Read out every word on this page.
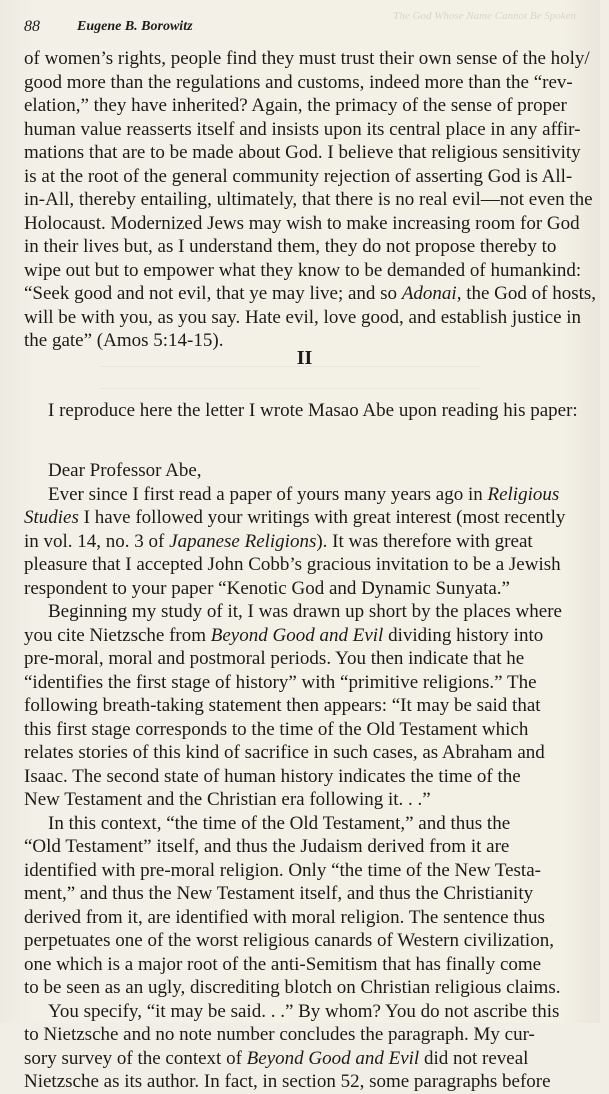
The God Whose Name Cannot Be Spoken
88	Eugene B. Borowitz
of women’s rights, people find they must trust their own sense of the holy/
good more than the regulations and customs, indeed more than the “rev-
elation,” they have inherited? Again, the primacy of the sense of proper
human value reasserts itself and insists upon its central place in any affir-
mations that are to be made about God. I believe that religious sensitivity
is at the root of the general community rejection of asserting God is All-
in-All, thereby entailing, ultimately, that there is no real evil—not even the
Holocaust. Modernized Jews may wish to make increasing room for God
in their lives but, as I understand them, they do not propose thereby to
wipe out but to empower what they know to be demanded of humankind:
“Seek good and not evil, that ye may live; and so Adonai, the God of hosts,
will be with you, as you say. Hate evil, love good, and establish justice in
the gate” (Amos 5:14-15).
II
I reproduce here the letter I wrote Masao Abe upon reading his paper:
Dear Professor Abe,
Ever since I first read a paper of yours many years ago in Religious
Studies I have followed your writings with great interest (most recently
in vol. 14, no. 3 of Japanese Religions). It was therefore with great
pleasure that I accepted John Cobb’s gracious invitation to be a Jewish
respondent to your paper “Kenotic God and Dynamic Sunyata.”
Beginning my study of it, I was drawn up short by the places where
you cite Nietzsche from Beyond Good and Evil dividing history into
pre-moral, moral and postmoral periods. You then indicate that he
“identifies the first stage of history” with “primitive religions.” The
following breath-taking statement then appears: “It may be said that
this first stage corresponds to the time of the Old Testament which
relates stories of this kind of sacrifice in such cases, as Abraham and
Isaac. The second state of human history indicates the time of the
New Testament and the Christian era following it. . .”
In this context, “the time of the Old Testament,” and thus the
“Old Testament” itself, and thus the Judaism derived from it are
identified with pre-moral religion. Only “the time of the New Testa-
ment,” and thus the New Testament itself, and thus the Christianity
derived from it, are identified with moral religion. The sentence thus
perpetuates one of the worst religious canards of Western civilization,
one which is a major root of the anti-Semitism that has finally come
to be seen as an ugly, discrediting blotch on Christian religious claims.
You specify, “it may be said. . .” By whom? You do not ascribe this
to Nietzsche and no note number concludes the paragraph. My cur-
sory survey of the context of Beyond Good and Evil did not reveal
Nietzsche as its author. In fact, in section 52, some paragraphs before
